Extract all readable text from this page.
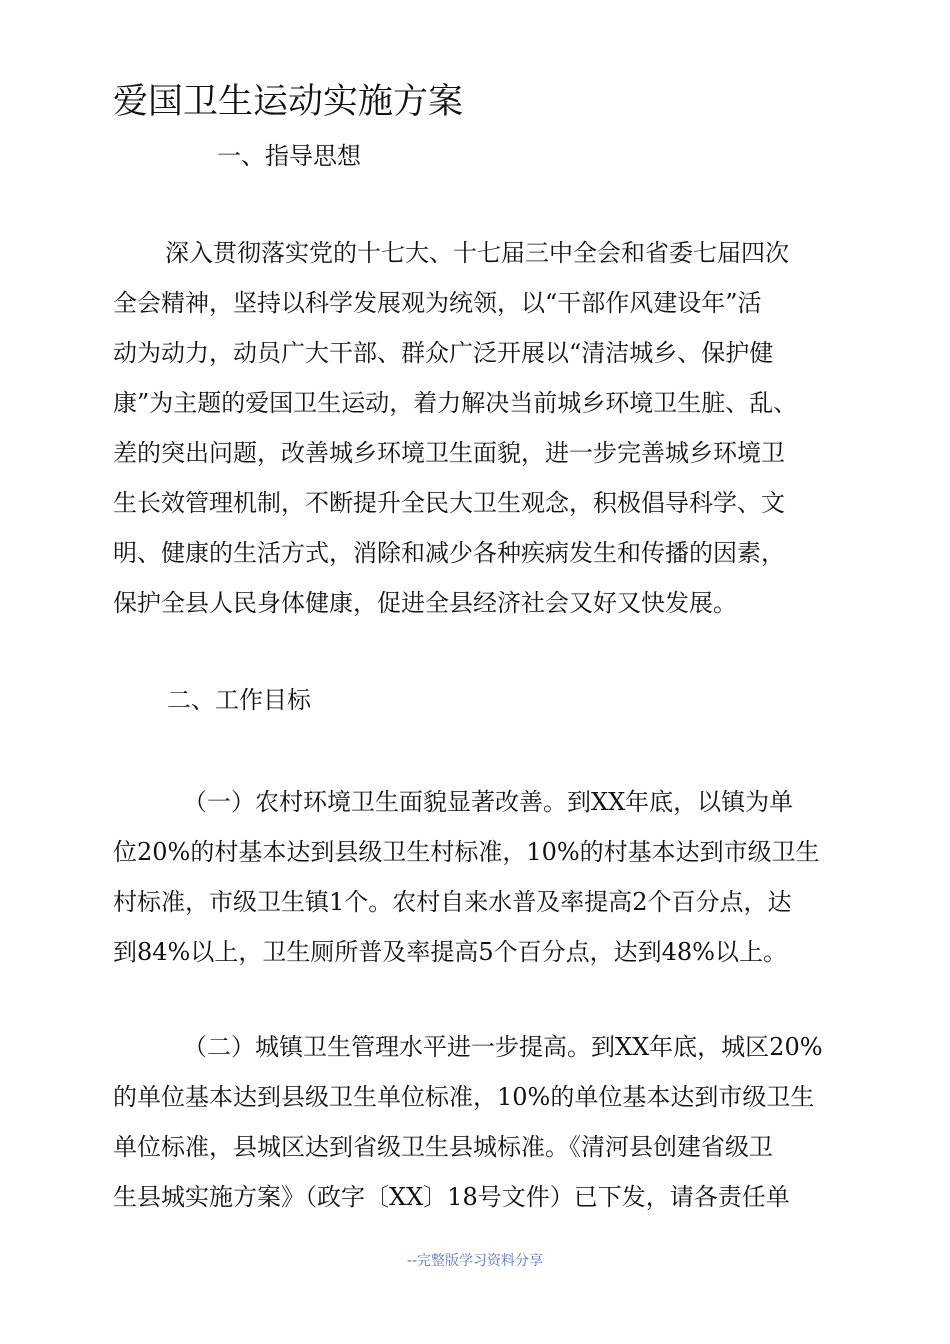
爱国卫生运动实施方案
一、指导思想
深入贯彻落实党的十七大、十七届三中全会和省委七届四次
全会精神，坚持以科学发展观为统领，以“干部作风建设年”活
动为动力，动员广大干部、群众广泛开展以“清洁城乡、保护健
康”为主题的爱国卫生运动，着力解决当前城乡环境卫生脏、乱、
差的突出问题，改善城乡环境卫生面貌，进一步完善城乡环境卫
生长效管理机制，不断提升全民大卫生观念，积极倡导科学、文
明、健康的生活方式，消除和减少各种疾病发生和传播的因素，
保护全县人民身体健康，促进全县经济社会又好又快发展。
二、工作目标
（一）农村环境卫生面貌显著改善。到XX年底，以镇为单
位20%的村基本达到县级卫生村标准，10%的村基本达到市级卫生
村标准，市级卫生镇1个。农村自来水普及率提高2个百分点，达
到84%以上，卫生厕所普及率提高5个百分点，达到48%以上。
（二）城镇卫生管理水平进一步提高。到XX年底，城区20%
的单位基本达到县级卫生单位标准，10%的单位基本达到市级卫生
单位标准，县城区达到省级卫生县城标准。《清河县创建省级卫
生县城实施方案》（政字〔XX〕18号文件）已下发，请各责任单

--完整版学习资料分享
